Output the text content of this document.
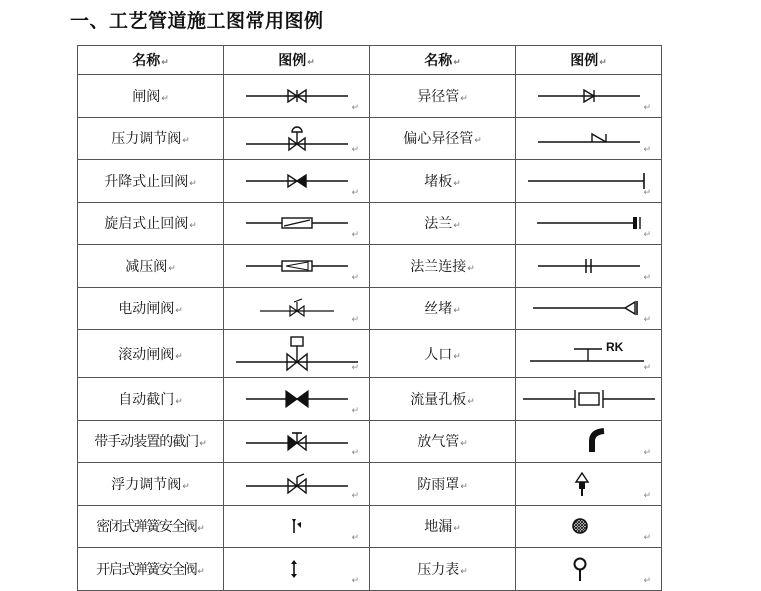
一、工艺管道施工图常用图例
名称↵	图例↵	名称↵	图例↵
闸阀↵	↵	异径管↵	↵

压力调节阀↵	↵	偏心异径管↵	↵

升降式止回阀↵	↵	堵板↵	↵

旋启式止回阀↵	↵	法兰↵	↵

减压阀↵	↵	法兰连接↵	↵

电动闸阀↵	↵	丝堵↵	↵

滚动闸阀↵	↵	人口↵	RK
↵

自动截门↵	↵	流量孔板↵	

带手动装置的截门↵	↵	放气管↵	↵

浮力调节阀↵	↵	防雨罩↵	↵

密闭式弹簧安全阀↵	↵	地漏↵	↵

开启式弹簧安全阀↵	↵	压力表↵	↵
